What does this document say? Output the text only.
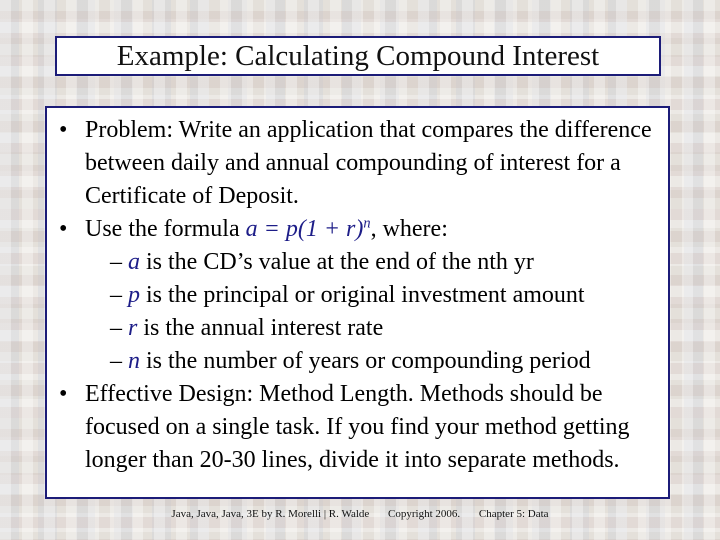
Example: Calculating Compound Interest
• Problem: Write an application that compares the difference between daily and annual compounding of interest for a Certificate of Deposit.
• Use the formula $a = p(1 + r)^n$, where:
– a is the CD’s value at the end of the nth yr
– p is the principal or original investment amount
– r is the annual interest rate
– n is the number of years or compounding period
• Effective Design: Method Length. Methods should be focused on a single task. If you find your method getting longer than 20-30 lines, divide it into separate methods.
Java, Java, Java, 3E by R. Morelli | R. Walde Copyright 2006. Chapter 5: Data
